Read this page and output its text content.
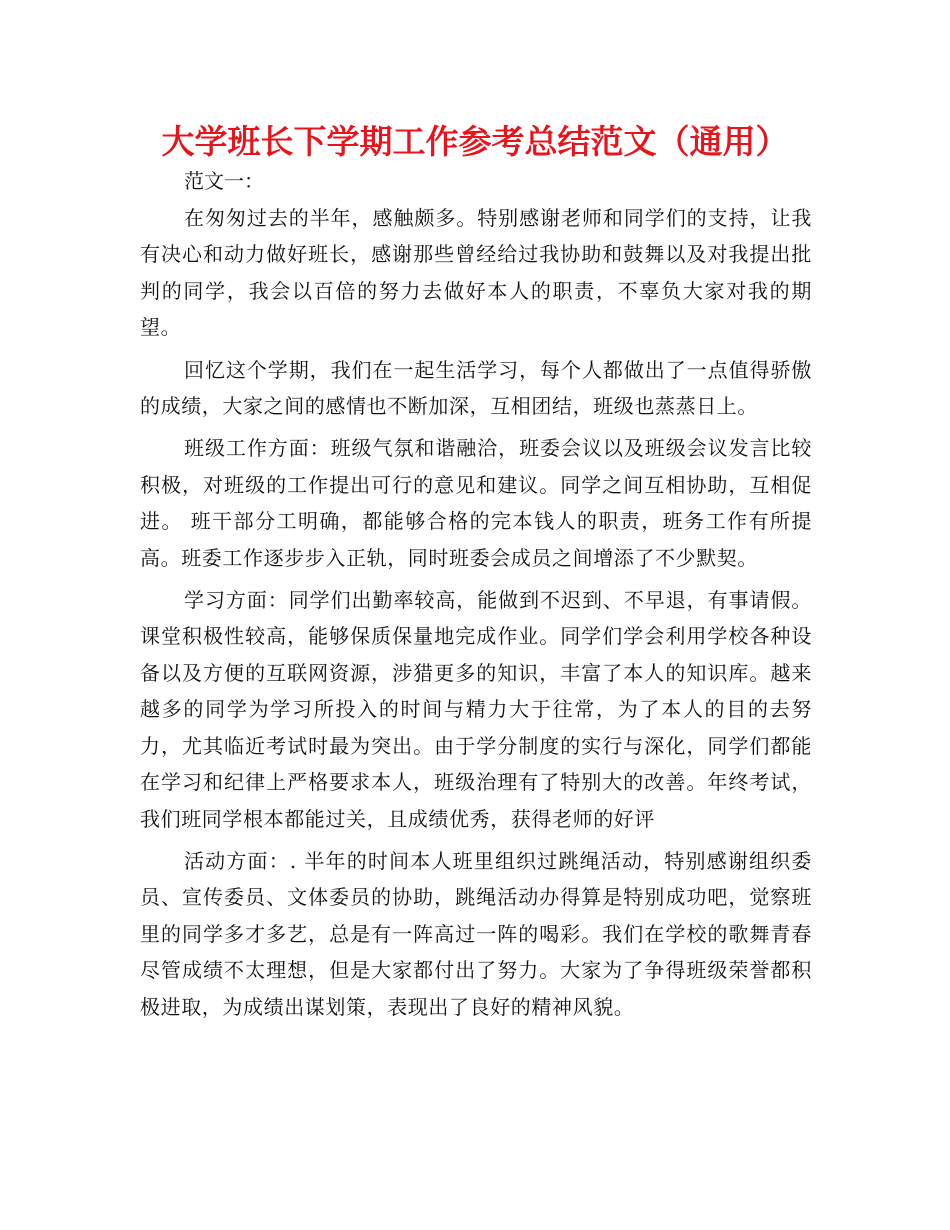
大学班长下学期工作参考总结范文（通用）

范文一：

在匆匆过去的半年，感触颇多。特别感谢老师和同学们的支持，让我有决心和动力做好班长，感谢那些曾经给过我协助和鼓舞以及对我提出批判的同学，我会以百倍的努力去做好本人的职责，不辜负大家对我的期望。

回忆这个学期，我们在一起生活学习，每个人都做出了一点值得骄傲的成绩，大家之间的感情也不断加深，互相团结，班级也蒸蒸日上。

班级工作方面：班级气氛和谐融洽，班委会议以及班级会议发言比较积极，对班级的工作提出可行的意见和建议。同学之间互相协助，互相促进。 班干部分工明确，都能够合格的完本钱人的职责，班务工作有所提高。班委工作逐步步入正轨，同时班委会成员之间增添了不少默契。

学习方面：同学们出勤率较高，能做到不迟到、不早退，有事请假。课堂积极性较高，能够保质保量地完成作业。同学们学会利用学校各种设备以及方便的互联网资源，涉猎更多的知识，丰富了本人的知识库。越来越多的同学为学习所投入的时间与精力大于往常，为了本人的目的去努力，尤其临近考试时最为突出。由于学分制度的实行与深化，同学们都能在学习和纪律上严格要求本人，班级治理有了特别大的改善。年终考试，我们班同学根本都能过关，且成绩优秀，获得老师的好评

活动方面：. 半年的时间本人班里组织过跳绳活动，特别感谢组织委员、宣传委员、文体委员的协助，跳绳活动办得算是特别成功吧，觉察班里的同学多才多艺，总是有一阵高过一阵的喝彩。我们在学校的歌舞青春尽管成绩不太理想，但是大家都付出了努力。大家为了争得班级荣誉都积极进取，为成绩出谋划策，表现出了良好的精神风貌。
